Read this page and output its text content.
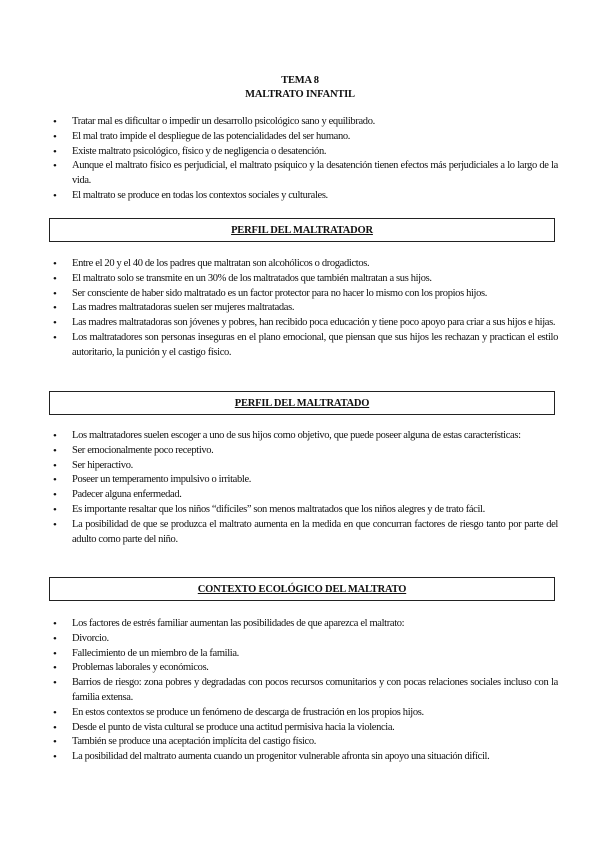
TEMA 8
MALTRATO INFANTIL
• Tratar mal es dificultar o impedir un desarrollo psicológico sano y equilibrado.
• El mal trato impide el despliegue de las potencialidades del ser humano.
• Existe maltrato psicológico, físico y de negligencia o desatención.
• Aunque el maltrato físico es perjudicial, el maltrato psíquico y la desatención tienen efectos más perjudiciales a lo largo de la vida.
• El maltrato se produce en todas los contextos sociales y culturales.
PERFIL DEL MALTRATADOR
• Entre el 20 y el 40 de los padres que maltratan son alcohólicos o drogadictos.
• El maltrato solo se transmite en un 30% de los maltratados que también maltratan a sus hijos.
• Ser consciente de haber sido maltratado es un factor protector para no hacer lo mismo con los propios hijos.
• Las madres maltratadoras suelen ser mujeres maltratadas.
• Las madres maltratadoras son jóvenes y pobres, han recibido poca educación y tiene poco apoyo para criar a sus hijos e hijas.
• Los maltratadores son personas inseguras en el plano emocional, que piensan que sus hijos les rechazan y practican el estilo autoritario, la punición y el castigo físico.
PERFIL DEL MALTRATADO
• Los maltratadores suelen escoger a uno de sus hijos como objetivo, que puede poseer alguna de estas características:
• Ser emocionalmente poco receptivo.
• Ser hiperactivo.
• Poseer un temperamento impulsivo o irritable.
• Padecer alguna enfermedad.
• Es importante resaltar que los niños “difíciles” son menos maltratados que los niños alegres y de trato fácil.
• La posibilidad de que se produzca el maltrato aumenta en la medida en que concurran factores de riesgo tanto por parte del adulto como parte del niño.
CONTEXTO ECOLÓGICO DEL MALTRATO
• Los factores de estrés familiar aumentan las posibilidades de que aparezca el maltrato:
• Divorcio.
• Fallecimiento de un miembro de la familia.
• Problemas laborales y económicos.
• Barrios de riesgo: zona pobres y degradadas con pocos recursos comunitarios y con pocas relaciones sociales incluso con la familia extensa.
• En estos contextos se produce un fenómeno de descarga de frustración en los propios hijos.
• Desde el punto de vista cultural se produce una actitud permisiva hacia la violencia.
• También se produce una aceptación implícita del castigo físico.
• La posibilidad del maltrato aumenta cuando un progenitor vulnerable afronta sin apoyo una situación difícil.
